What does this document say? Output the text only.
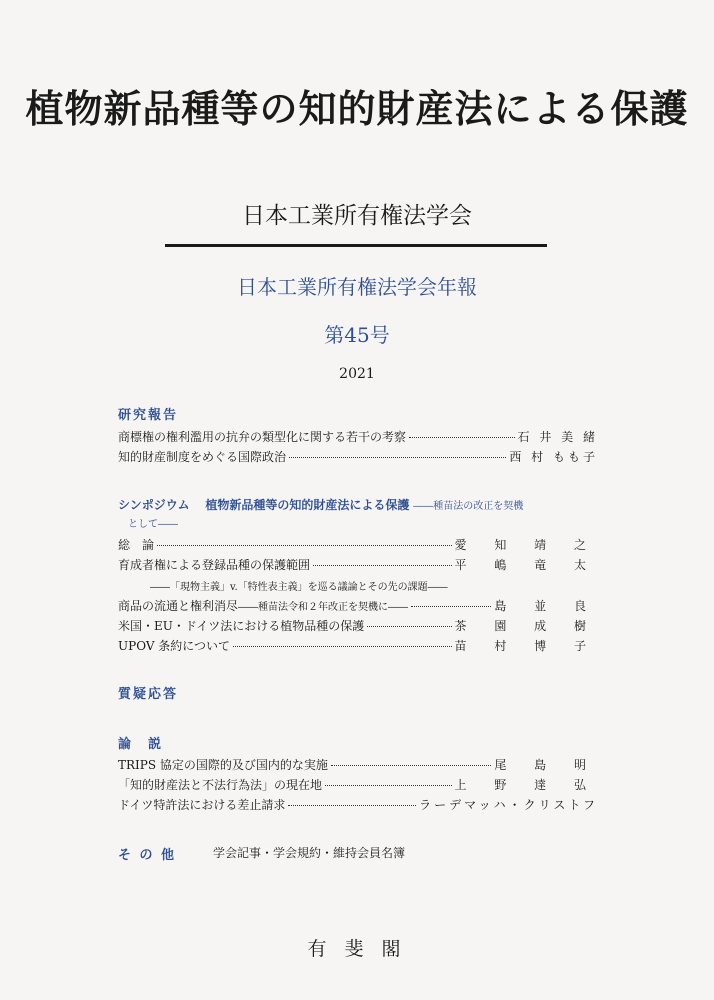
植物新品種等の知的財産法による保護
日本工業所有権法学会
日本工業所有権法学会年報
第45号
2021
研究報告
商標権の権利濫用の抗弁の類型化に関する若干の考察	石 井 美 緒
知的財産制度をめぐる国際政治	西 村 もも子
シンポジウム 植物新品種等の知的財産法による保護 ――種苗法の改正を契機
として――
総　論	愛 知 靖 之
育成者権による登録品種の保護範囲	平 嶋 竜 太
――「現物主義」v.「特性表主義」を巡る議論とその先の課題――
商品の流通と権利消尽 ――種苗法令和２年改正を契機に――	島 並 良
米国・EU・ドイツ法における植物品種の保護	茶 園 成 樹
UPOV 条約について	苗 村 博 子
質疑応答
論　説
TRIPS 協定の国際的及び国内的な実施	尾 島 明
「知的財産法と不法行為法」の現在地	上 野 達 弘
ドイツ特許法における差止請求	ラーデマッハ・クリストフ
そ の 他	学会記事・学会規約・維持会員名簿
有 斐 閣
